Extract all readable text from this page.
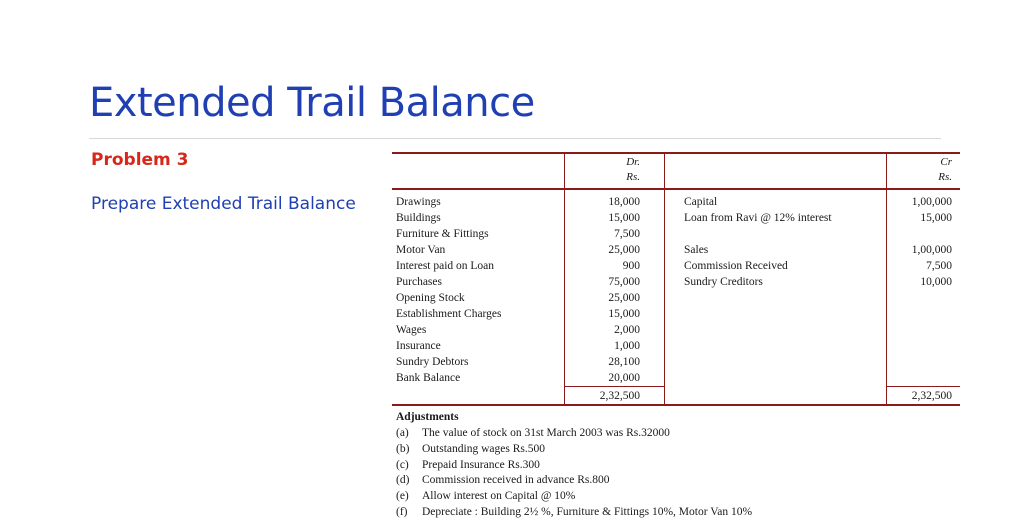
Extended Trail Balance
Problem 3
Prepare Extended Trail Balance
Dr.
Rs.
Cr
Rs.
Drawings
Buildings
Furniture & Fittings
Motor Van
Interest paid on Loan
Purchases
Opening Stock
Establishment Charges
Wages
Insurance
Sundry Debtors
Bank Balance
18,000
15,000
7,500
25,000
900
75,000
25,000
15,000
2,000
1,000
28,100
20,000
Capital
Loan from Ravi @ 12% interest
Sales
Commission Received
Sundry Creditors
1,00,000
15,000
1,00,000
7,500
10,000
2,32,500	2,32,500
Adjustments
(a) The value of stock on 31st March 2003 was Rs.32000
(b) Outstanding wages Rs.500
(c) Prepaid Insurance Rs.300
(d) Commission received in advance Rs.800
(e) Allow interest on Capital @ 10%
(f) Depreciate : Building 2½ %, Furniture & Fittings 10%, Motor Van 10%
